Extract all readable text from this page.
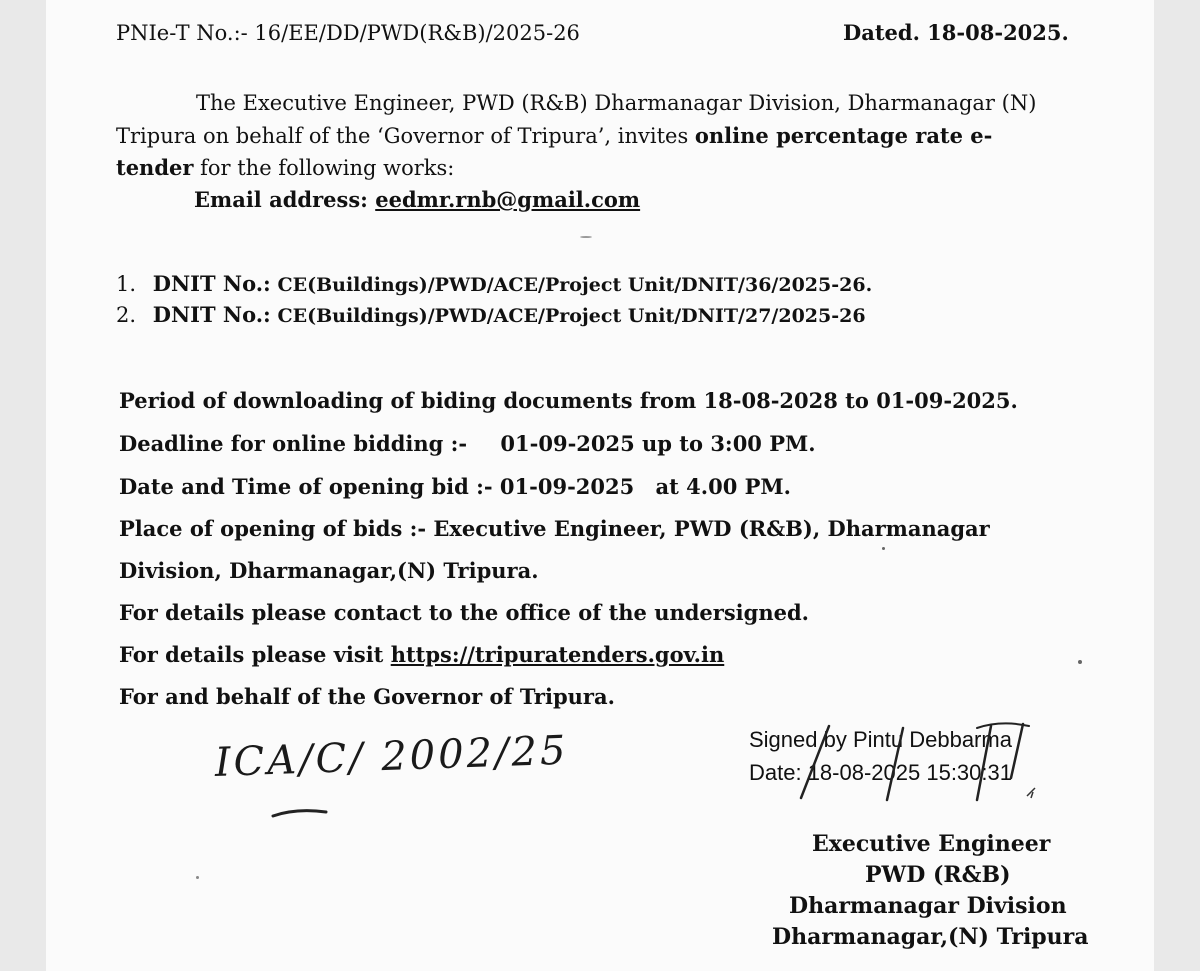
PNIe-T No.:- 16/EE/DD/PWD(R&B)/2025-26	Dated. 18-08-2025.
The Executive Engineer, PWD (R&B) Dharmanagar Division, Dharmanagar (N)
Tripura on behalf of the ‘Governor of Tripura’, invites online percentage rate e-
tender for the following works:
Email address: eedmr.rnb@gmail.com
1. DNIT No.: CE(Buildings)/PWD/ACE/Project Unit/DNIT/36/2025-26.
2. DNIT No.: CE(Buildings)/PWD/ACE/Project Unit/DNIT/27/2025-26
Period of downloading of biding documents from 18-08-2028 to 01-09-2025.
Deadline for online bidding :- 01-09-2025 up to 3:00 PM.
Date and Time of opening bid :- 01-09-2025 at 4.00 PM.
Place of opening of bids :- Executive Engineer, PWD (R&B), Dharmanagar
Division, Dharmanagar,(N) Tripura.
For details please contact to the office of the undersigned.
For details please visit https://tripuratenders.gov.in
For and behalf of the Governor of Tripura.
ICA/C/ 2002/25	Signed by Pintu Debbarma
Date: 18-08-2025 15:30:31
Executive Engineer
PWD (R&B)
Dharmanagar Division
Dharmanagar,(N) Tripura
